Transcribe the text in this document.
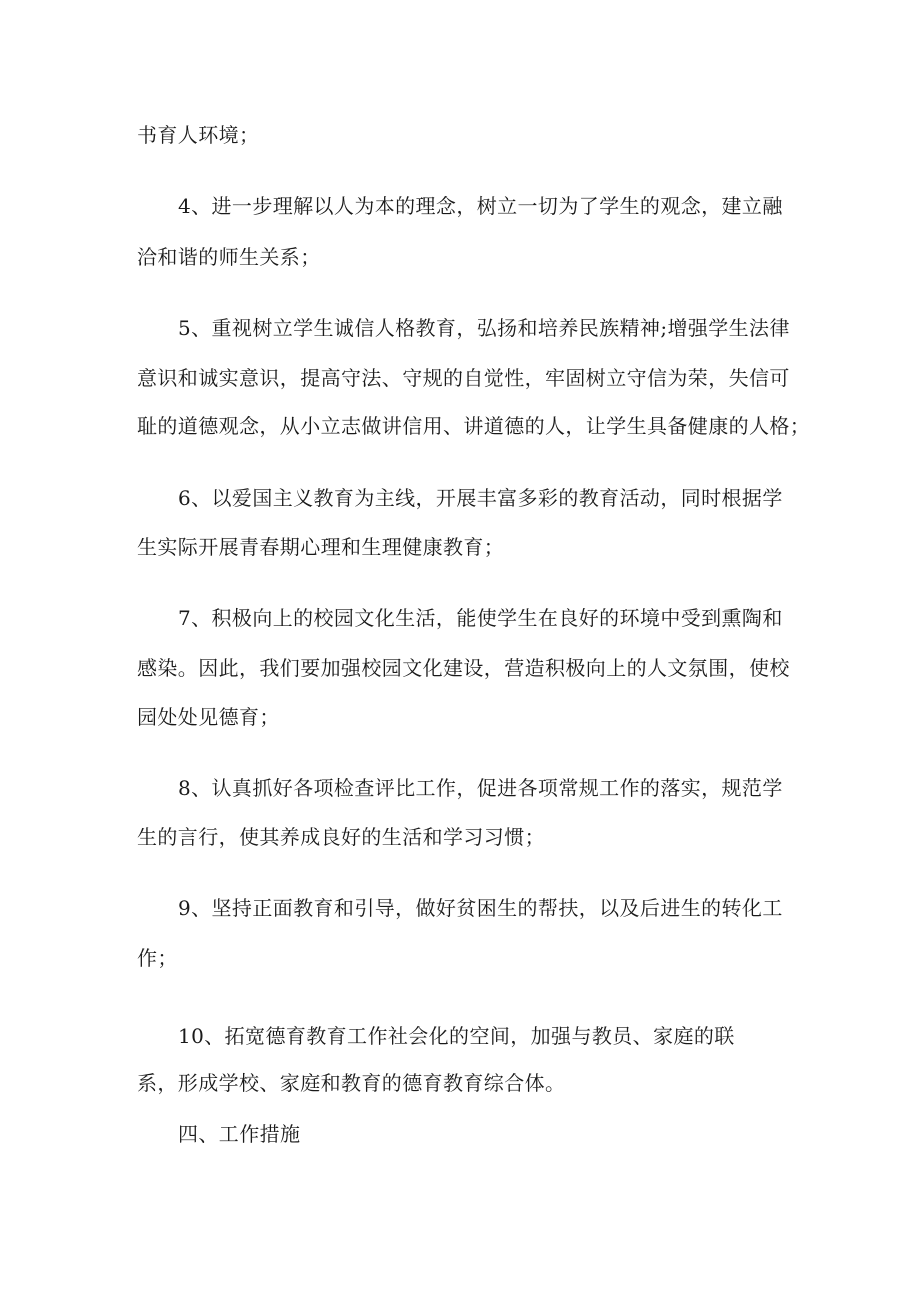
书育人环境；
4、进一步理解以人为本的理念，树立一切为了学生的观念，建立融
洽和谐的师生关系；
5、重视树立学生诚信人格教育，弘扬和培养民族精神;增强学生法律
意识和诚实意识，提高守法、守规的自觉性，牢固树立守信为荣，失信可
耻的道德观念，从小立志做讲信用、讲道德的人，让学生具备健康的人格；
6、以爱国主义教育为主线，开展丰富多彩的教育活动，同时根据学
生实际开展青春期心理和生理健康教育；
7、积极向上的校园文化生活，能使学生在良好的环境中受到熏陶和
感染。因此，我们要加强校园文化建设，营造积极向上的人文氛围，使校
园处处见德育；
8、认真抓好各项检查评比工作，促进各项常规工作的落实，规范学
生的言行，使其养成良好的生活和学习习惯；
9、坚持正面教育和引导，做好贫困生的帮扶，以及后进生的转化工
作；
10、拓宽德育教育工作社会化的空间，加强与教员、家庭的联
系，形成学校、家庭和教育的德育教育综合体。
四、工作措施
